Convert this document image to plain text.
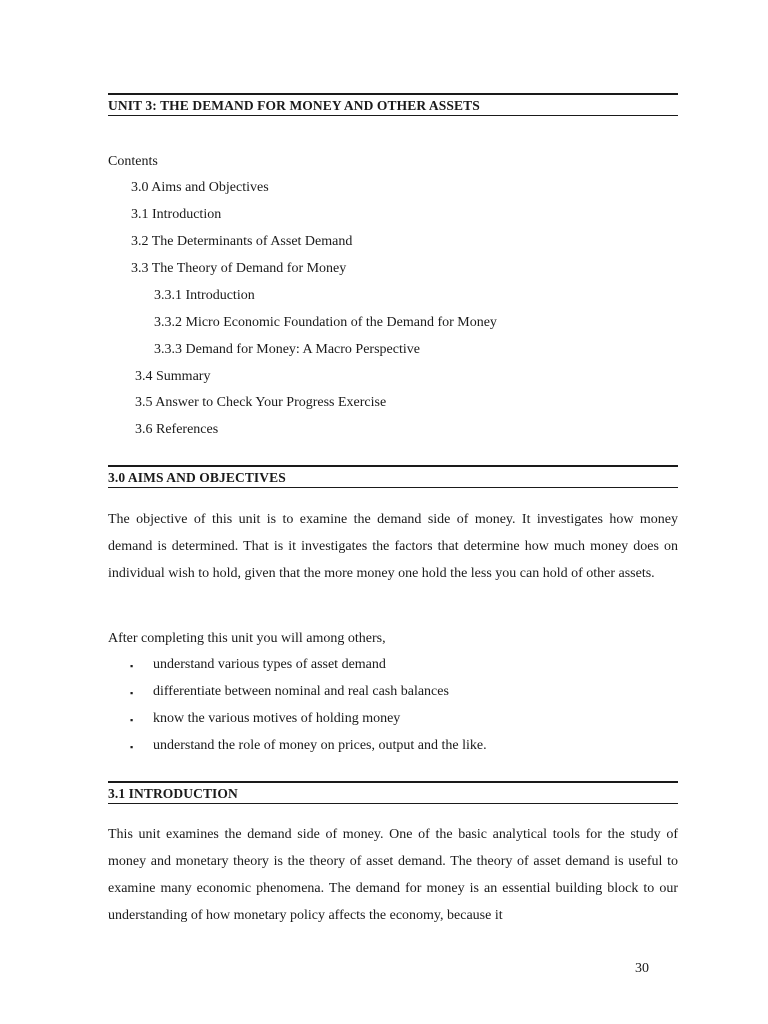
UNIT 3: THE DEMAND FOR MONEY AND OTHER ASSETS
Contents
3.0 Aims and Objectives
3.1 Introduction
3.2 The Determinants of Asset Demand
3.3 The Theory of Demand for Money
3.3.1 Introduction
3.3.2 Micro Economic Foundation of the Demand for Money
3.3.3 Demand for Money: A Macro Perspective
3.4 Summary
3.5 Answer to Check Your Progress Exercise
3.6 References
3.0 AIMS AND OBJECTIVES
The objective of this unit is to examine the demand side of money. It investigates how money demand is determined. That is it investigates the factors that determine how much money does on individual wish to hold, given that the more money one hold the less you can hold of other assets.
After completing this unit you will among others,
▪ understand various types of asset demand
▪ differentiate between nominal and real cash balances
▪ know the various motives of holding money
▪ understand the role of money on prices, output and the like.
3.1 INTRODUCTION
This unit examines the demand side of money. One of the basic analytical tools for the study of money and monetary theory is the theory of asset demand. The theory of asset demand is useful to examine many economic phenomena. The demand for money is an essential building block to our understanding of how monetary policy affects the economy, because it
30
